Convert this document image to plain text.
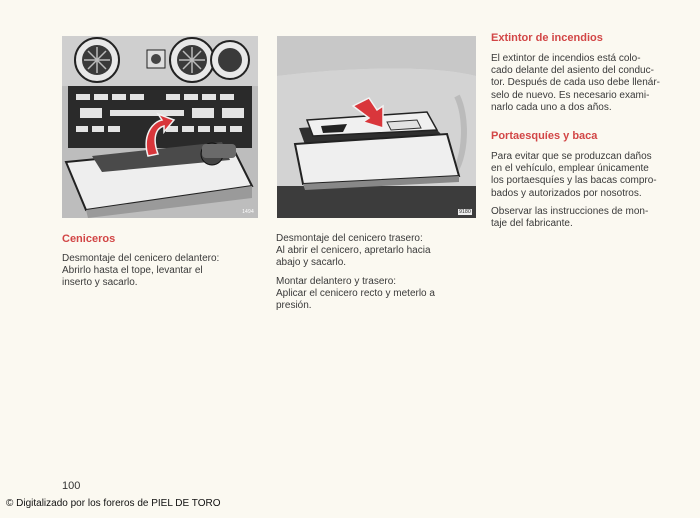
1494	9180
Ceniceros

Desmontaje del cenicero delantero:
Abrirlo hasta el tope, levantar el
inserto y sacarlo.

Desmontaje del cenicero trasero:
Al abrir el cenicero, apretarlo hacia
abajo y sacarlo.

Montar delantero y trasero:
Aplicar el cenicero recto y meterlo a
presión.

Extintor de incendios

El extintor de incendios está colo-
cado delante del asiento del conduc-
tor. Después de cada uso debe llenár-
selo de nuevo. Es necesario exami-
narlo cada uno a dos años.

Portaesquíes y baca

Para evitar que se produzcan daños
en el vehículo, emplear únicamente
los portaesquíes y las bacas compro-
bados y autorizados por nosotros.

Observar las instrucciones de mon-
taje del fabricante.

100
© Digitalizado por los foreros de PIEL DE TORO
